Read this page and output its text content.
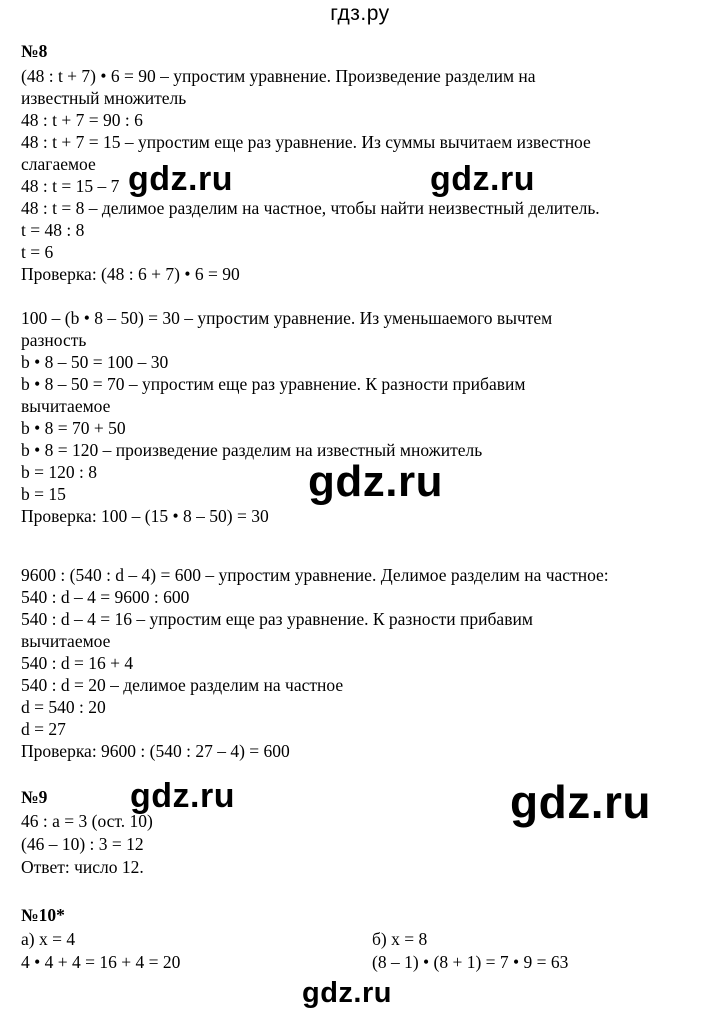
гдз.ру
№8
(48 : t + 7) • 6 = 90 – упростим уравнение. Произведение разделим на
известный множитель
48 : t + 7 = 90 : 6
48 : t + 7 = 15 – упростим еще раз уравнение. Из суммы вычитаем известное
слагаемое
48 : t = 15 – 7
48 : t = 8 – делимое разделим на частное, чтобы найти неизвестный делитель.
t = 48 : 8
t = 6
Проверка: (48 : 6 + 7) • 6 = 90
100 – (b • 8 – 50) = 30 – упростим уравнение. Из уменьшаемого вычтем
разность
b • 8 – 50 = 100 – 30
b • 8 – 50 = 70 – упростим еще раз уравнение. К разности прибавим
вычитаемое
b • 8 = 70 + 50
b • 8 = 120 – произведение разделим на известный множитель
b = 120 : 8
b = 15
Проверка: 100 – (15 • 8 – 50) = 30
9600 : (540 : d – 4) = 600 – упростим уравнение. Делимое разделим на частное:
540 : d – 4 = 9600 : 600
540 : d – 4 = 16 – упростим еще раз уравнение. К разности прибавим
вычитаемое
540 : d = 16 + 4
540 : d = 20 – делимое разделим на частное
d = 540 : 20
d = 27
Проверка: 9600 : (540 : 27 – 4) = 600
№9
46 : а = 3 (ост. 10)
(46 – 10) : 3 = 12
Ответ: число 12.
№10*
а) х = 4
4 • 4 + 4 = 16 + 4 = 20
б) х = 8
(8 – 1) • (8 + 1) = 7 • 9 = 63
gdz.ru	gdz.ru
gdz.ru
gdz.ru	gdz.ru
gdz.ru
